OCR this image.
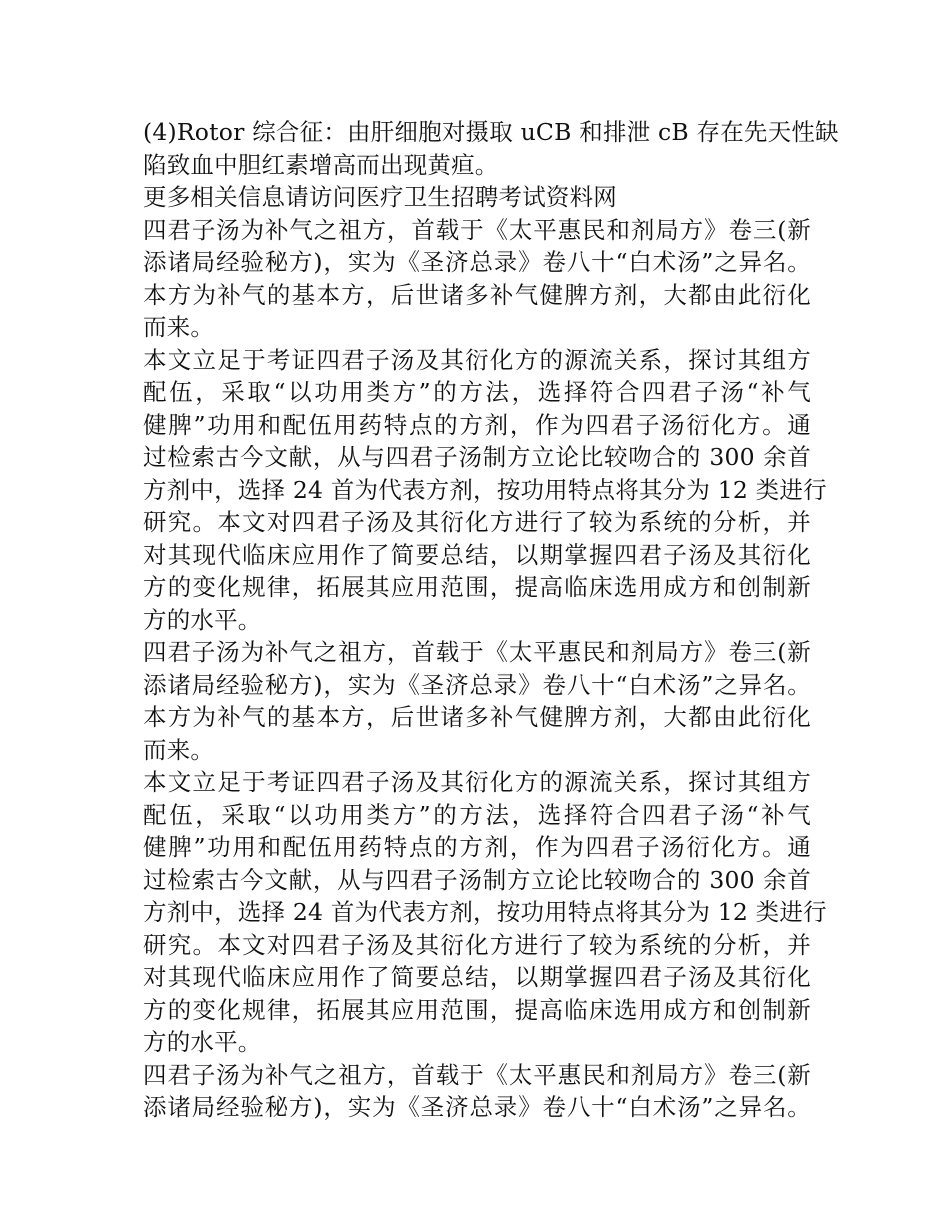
(4)Rotor 综合征：由肝细胞对摄取 uCB 和排泄 cB 存在先天性缺
陷致血中胆红素增高而出现黄疸。
更多相关信息请访问医疗卫生招聘考试资料网
四君子汤为补气之祖方，首载于《太平惠民和剂局方》卷三(新
添诸局经验秘方)，实为《圣济总录》卷八十“白术汤”之异名。
本方为补气的基本方，后世诸多补气健脾方剂，大都由此衍化
而来。
本文立足于考证四君子汤及其衍化方的源流关系，探讨其组方
配伍，采取“以功用类方”的方法，选择符合四君子汤“补气
健脾”功用和配伍用药特点的方剂，作为四君子汤衍化方。通
过检索古今文献，从与四君子汤制方立论比较吻合的 300 余首
方剂中，选择 24 首为代表方剂，按功用特点将其分为 12 类进行
研究。本文对四君子汤及其衍化方进行了较为系统的分析，并
对其现代临床应用作了简要总结，以期掌握四君子汤及其衍化
方的变化规律，拓展其应用范围，提高临床选用成方和创制新
方的水平。
四君子汤为补气之祖方，首载于《太平惠民和剂局方》卷三(新
添诸局经验秘方)，实为《圣济总录》卷八十“白术汤”之异名。
本方为补气的基本方，后世诸多补气健脾方剂，大都由此衍化
而来。
本文立足于考证四君子汤及其衍化方的源流关系，探讨其组方
配伍，采取“以功用类方”的方法，选择符合四君子汤“补气
健脾”功用和配伍用药特点的方剂，作为四君子汤衍化方。通
过检索古今文献，从与四君子汤制方立论比较吻合的 300 余首
方剂中，选择 24 首为代表方剂，按功用特点将其分为 12 类进行
研究。本文对四君子汤及其衍化方进行了较为系统的分析，并
对其现代临床应用作了简要总结，以期掌握四君子汤及其衍化
方的变化规律，拓展其应用范围，提高临床选用成方和创制新
方的水平。
四君子汤为补气之祖方，首载于《太平惠民和剂局方》卷三(新
添诸局经验秘方)，实为《圣济总录》卷八十“白术汤”之异名。
